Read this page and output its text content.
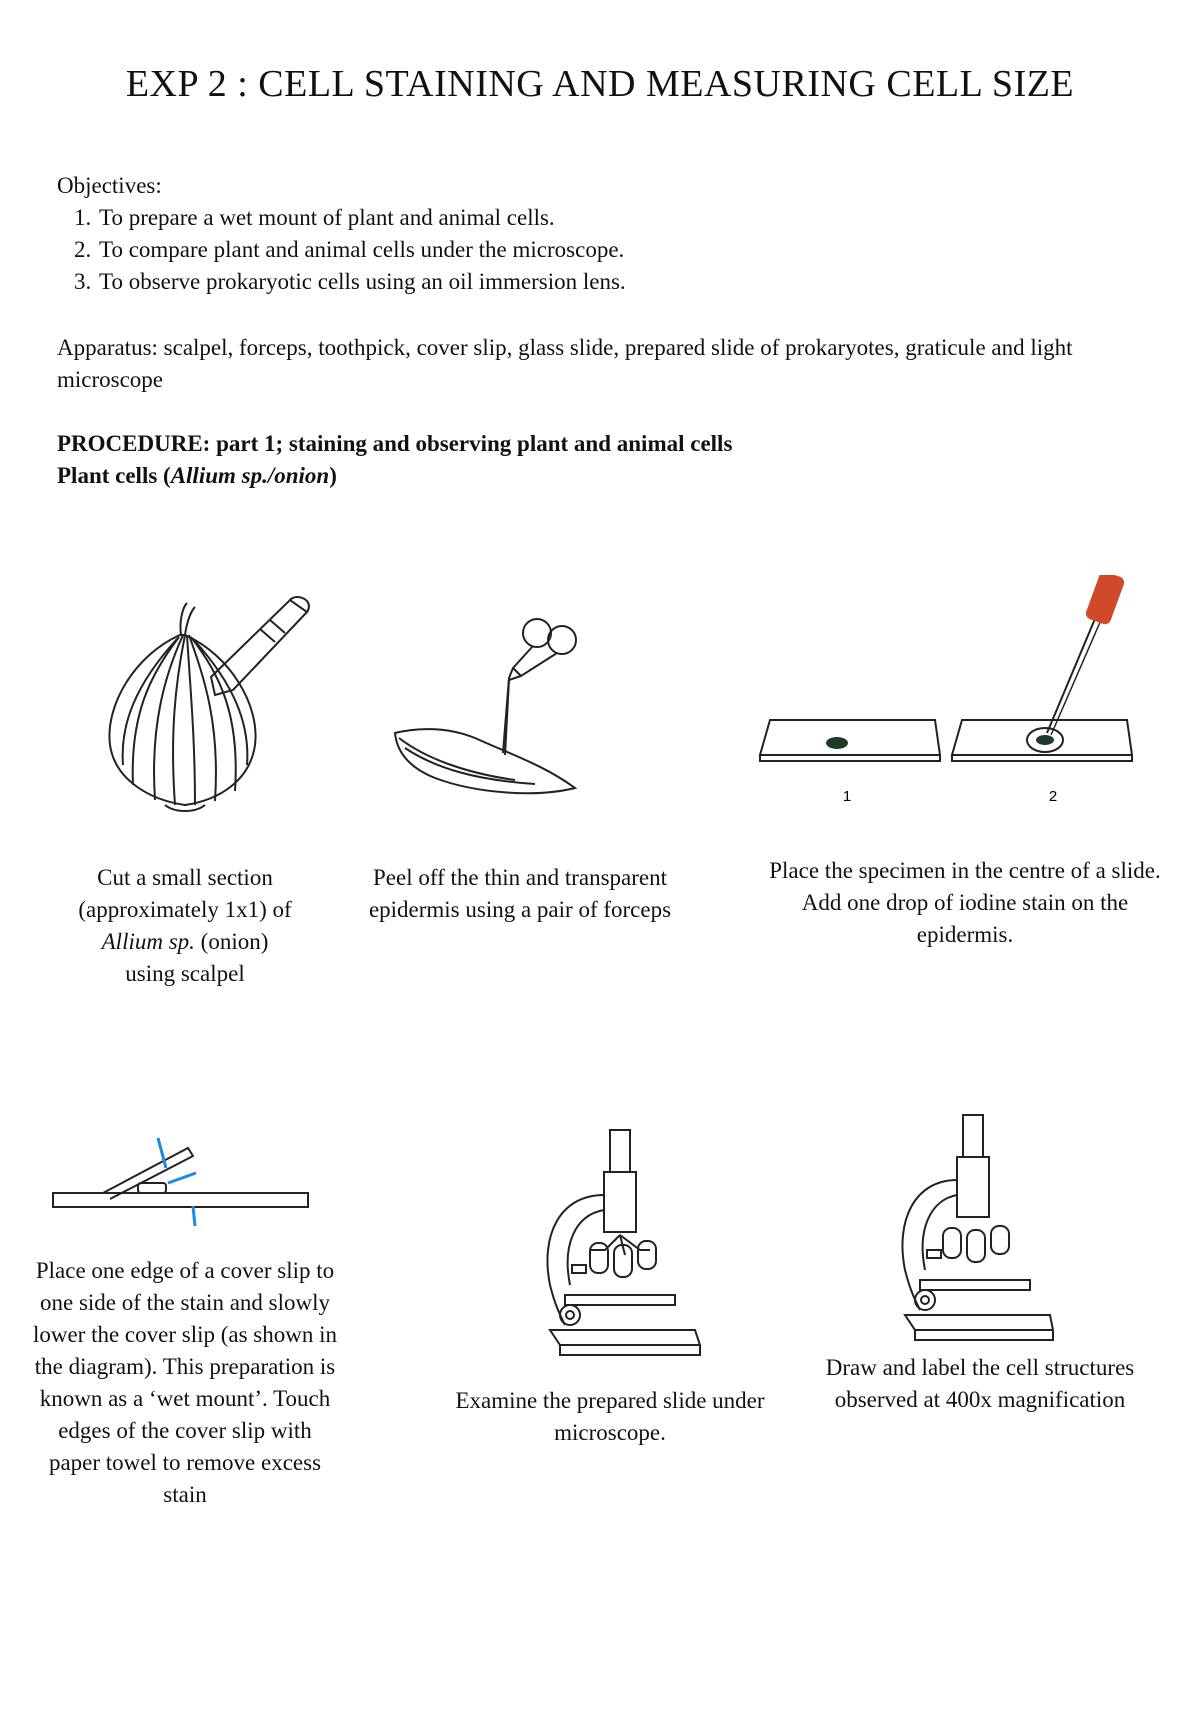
EXP 2 : CELL STAINING AND MEASURING CELL SIZE
Objectives:
1. To prepare a wet mount of plant and animal cells.
2. To compare plant and animal cells under the microscope.
3. To observe prokaryotic cells using an oil immersion lens.
Apparatus: scalpel, forceps, toothpick, cover slip, glass slide, prepared slide of prokaryotes, graticule and light microscope
PROCEDURE: part 1; staining and observing plant and animal cells
Plant cells (Allium sp./onion)
1	2
Cut a small section
(approximately 1x1) of
Allium sp. (onion)
using scalpel
Peel off the thin and transparent epidermis using a pair of forceps
Place the specimen in the centre of a slide. Add one drop of iodine stain on the epidermis.
Place one edge of a cover slip to one side of the stain and slowly lower the cover slip (as shown in the diagram). This preparation is known as a ‘wet mount’. Touch edges of the cover slip with paper towel to remove excess stain
Examine the prepared slide under microscope.
Draw and label the cell structures observed at 400x magnification
